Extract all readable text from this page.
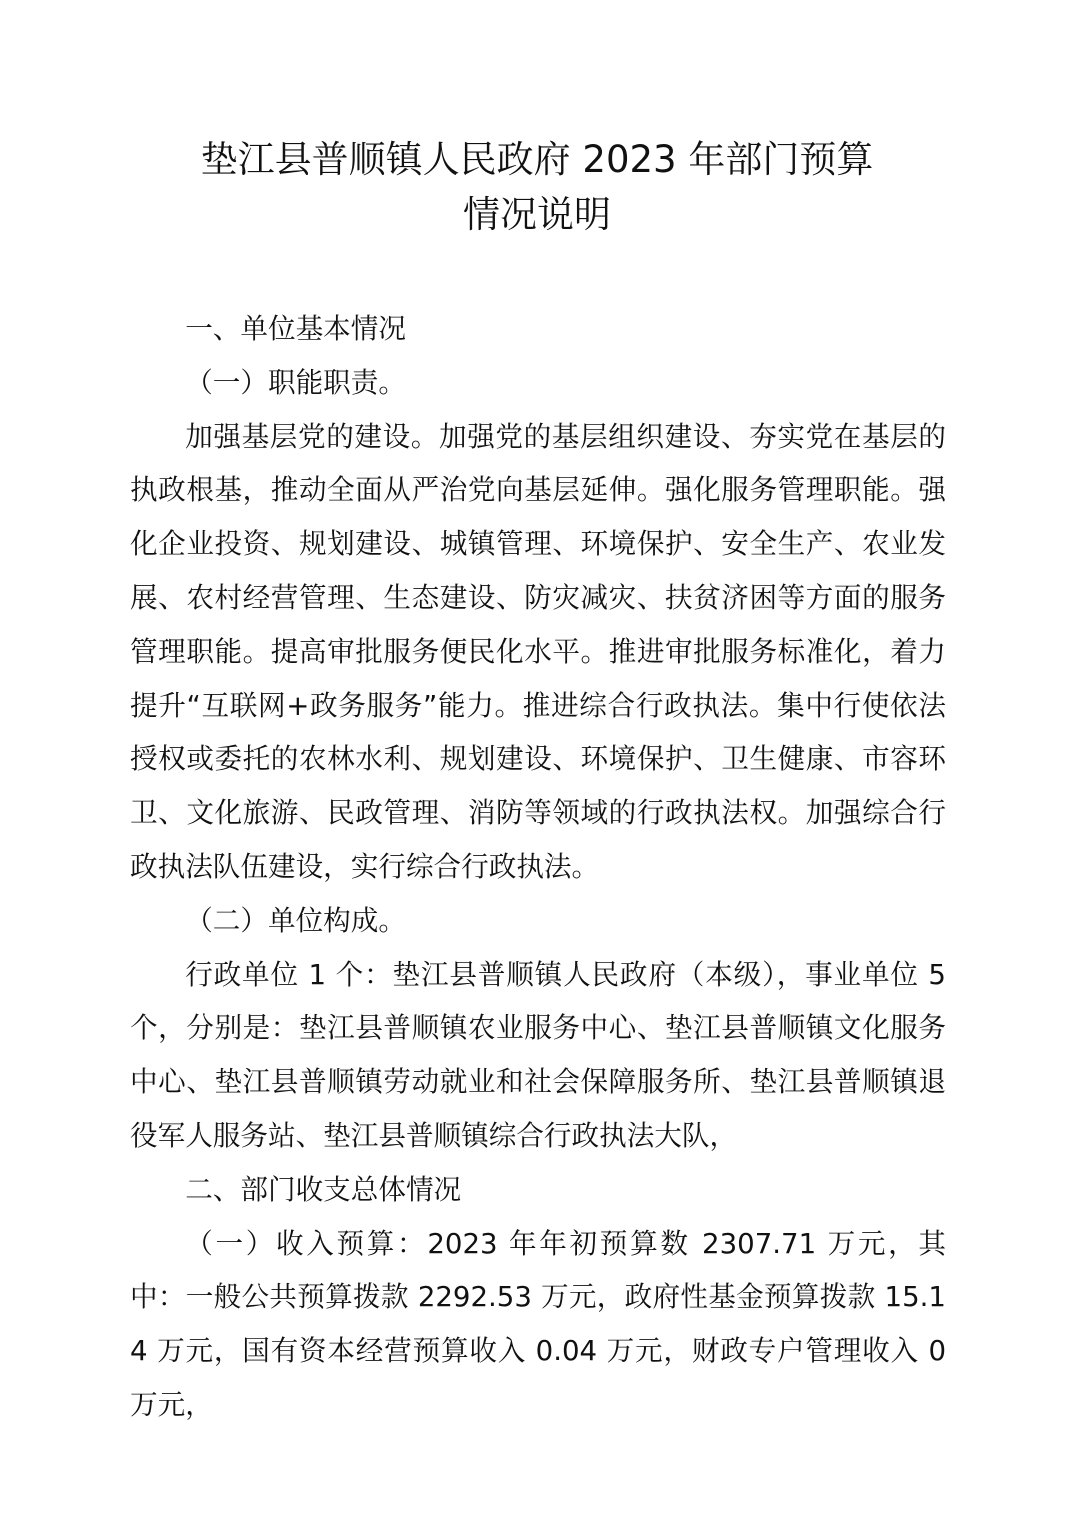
垫江县普顺镇人民政府 2023 年部门预算
情况说明

一、单位基本情况

（一）职能职责。

加强基层党的建设。加强党的基层组织建设、夯实党在基层的执政根基，推动全面从严治党向基层延伸。强化服务管理职能。强化企业投资、规划建设、城镇管理、环境保护、安全生产、农业发展、农村经营管理、生态建设、防灾减灾、扶贫济困等方面的服务管理职能。提高审批服务便民化水平。推进审批服务标准化，着力提升“互联网+政务服务”能力。推进综合行政执法。集中行使依法授权或委托的农林水利、规划建设、环境保护、卫生健康、市容环卫、文化旅游、民政管理、消防等领域的行政执法权。加强综合行政执法队伍建设，实行综合行政执法。

（二）单位构成。

行政单位 1 个：垫江县普顺镇人民政府（本级），事业单位 5 个，分别是：垫江县普顺镇农业服务中心、垫江县普顺镇文化服务中心、垫江县普顺镇劳动就业和社会保障服务所、垫江县普顺镇退役军人服务站、垫江县普顺镇综合行政执法大队，

二、部门收支总体情况

（一）收入预算：2023 年年初预算数 2307.71 万元，其中：一般公共预算拨款 2292.53 万元，政府性基金预算拨款 15.14 万元，国有资本经营预算收入 0.04 万元，财政专户管理收入 0 万元，
